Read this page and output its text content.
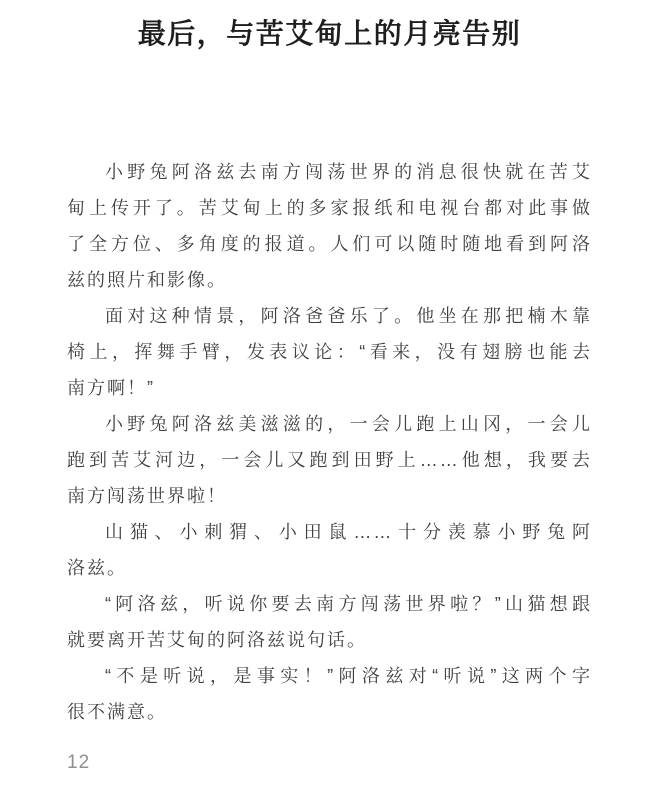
最后，与苦艾甸上的月亮告别

小野兔阿洛兹去南方闯荡世界的消息很快就在苦艾
甸上传开了。苦艾甸上的多家报纸和电视台都对此事做
了全方位、多角度的报道。人们可以随时随地看到阿洛
兹的照片和影像。

面对这种情景，阿洛爸爸乐了。他坐在那把楠木靠
椅上，挥舞手臂，发表议论：“看来，没有翅膀也能去
南方啊！”

小野兔阿洛兹美滋滋的，一会儿跑上山冈，一会儿
跑到苦艾河边，一会儿又跑到田野上……他想，我要去
南方闯荡世界啦！

山猫、小刺猬、小田鼠……十分羡慕小野兔阿
洛兹。

“阿洛兹，听说你要去南方闯荡世界啦？”山猫想跟
就要离开苦艾甸的阿洛兹说句话。

“不是听说，是事实！”阿洛兹对“听说”这两个字
很不满意。

12
